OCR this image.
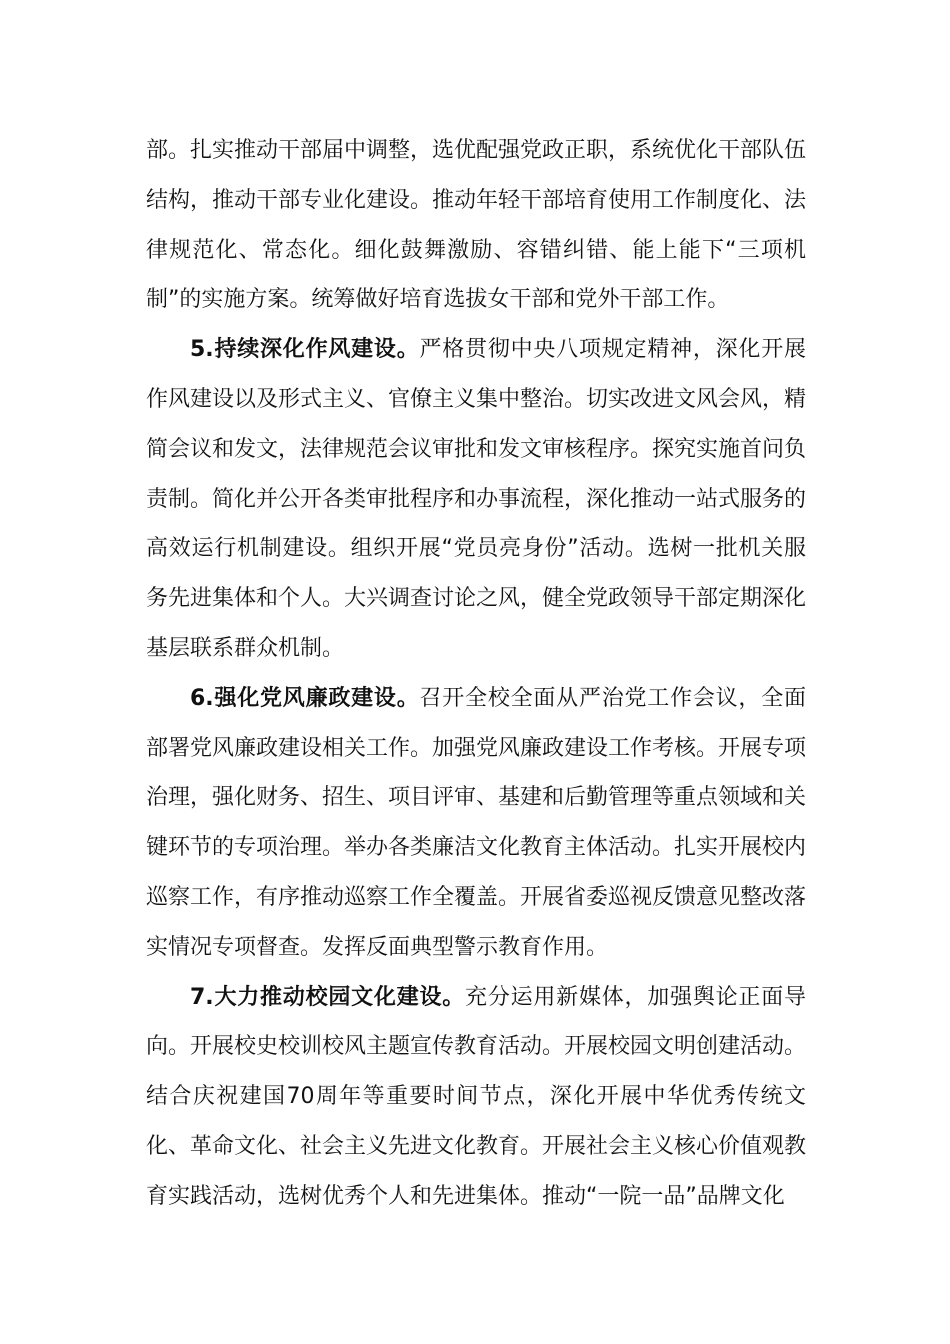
部。扎实推动干部届中调整，选优配强党政正职，系统优化干部队伍结构，推动干部专业化建设。推动年轻干部培育使用工作制度化、法律规范化、常态化。细化鼓舞激励、容错纠错、能上能下“三项机制”的实施方案。统筹做好培育选拔女干部和党外干部工作。

5.持续深化作风建设。严格贯彻中央八项规定精神，深化开展作风建设以及形式主义、官僚主义集中整治。切实改进文风会风，精简会议和发文，法律规范会议审批和发文审核程序。探究实施首问负责制。简化并公开各类审批程序和办事流程，深化推动一站式服务的高效运行机制建设。组织开展“党员亮身份”活动。选树一批机关服务先进集体和个人。大兴调查讨论之风，健全党政领导干部定期深化基层联系群众机制。

6.强化党风廉政建设。召开全校全面从严治党工作会议，全面部署党风廉政建设相关工作。加强党风廉政建设工作考核。开展专项治理，强化财务、招生、项目评审、基建和后勤管理等重点领域和关键环节的专项治理。举办各类廉洁文化教育主体活动。扎实开展校内巡察工作，有序推动巡察工作全覆盖。开展省委巡视反馈意见整改落实情况专项督查。发挥反面典型警示教育作用。

7.大力推动校园文化建设。充分运用新媒体，加强舆论正面导向。开展校史校训校风主题宣传教育活动。开展校园文明创建活动。结合庆祝建国70周年等重要时间节点，深化开展中华优秀传统文化、革命文化、社会主义先进文化教育。开展社会主义核心价值观教育实践活动，选树优秀个人和先进集体。推动“一院一品”品牌文化
